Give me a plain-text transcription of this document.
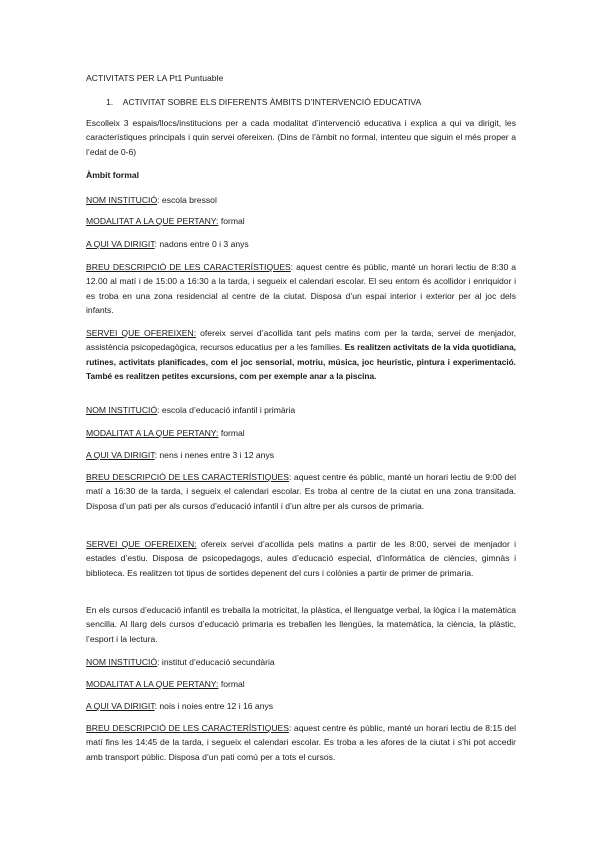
ACTIVITATS PER LA Pt1 Puntuable

1. ACTIVITAT SOBRE ELS DIFERENTS ÀMBITS D’INTERVENCIÓ EDUCATIVA

Escolleix 3 espais/llocs/institucions per a cada modalitat d’intervenció educativa i explica a qui va dirigit, les característiques principals i quin servei ofereixen. (Dins de l’àmbit no formal, intenteu que siguin el més proper a l’edat de 0-6)

Àmbit formal

NOM INSTITUCIÓ: escola bressol

MODALITAT A LA QUE PERTANY: formal

A QUI VA DIRIGIT: nadons entre 0 i 3 anys

BREU DESCRIPCIÓ DE LES CARACTERÍSTIQUES: aquest centre és públic, manté un horari lectiu de 8:30 a 12.00 al matí i de 15:00 a 16:30 a la tarda, i segueix el calendari escolar. El seu entorn és acollidor i enriquidor i es troba en una zona residencial al centre de la ciutat. Disposa d’un espai interior i exterior per al joc dels infants.

SERVEI QUE OFEREIXEN: ofereix servei d’acollida tant pels matins com per la tarda, servei de menjador, assistència psicopedagògica, recursos educatius per a les famílies. Es realitzen activitats de la vida quotidiana, rutines, activitats planificades, com el joc sensorial, motriu, música, joc heurístic, pintura i experimentació. També es realitzen petites excursions, com per exemple anar a la piscina.

NOM INSTITUCIÓ: escola d’educació infantil i primària

MODALITAT A LA QUE PERTANY: formal

A QUI VA DIRIGIT: nens i nenes entre 3 i 12 anys

BREU DESCRIPCIÓ DE LES CARACTERÍSTIQUES: aquest centre és públic, manté un horari lectiu de 9:00 del matí a 16:30 de la tarda, i segueix el calendari escolar. Es troba al centre de la ciutat en una zona transitada. Disposa d’un pati per als cursos d’educació infantil i d’un altre per als cursos de primaria.

SERVEI QUE OFEREIXEN: ofereix servei d’acollida pels matins a partir de les 8:00, servei de menjador i estades d’estiu. Disposa de psicopedagogs, aules d’educació especial, d’informàtica de ciències, gimnàs i biblioteca. Es realitzen tot tipus de sortides depenent del curs i colònies a partir de primer de primaria.

En els cursos d’educació infantil es treballa la motricitat, la plàstica, el llenguatge verbal, la lògica i la matemàtica sencilla. Al llarg dels cursos d’educació primaria es treballen les llengües, la matemàtica, la ciència, la plàstic, l’esport i la lectura.

NOM INSTITUCIÓ: institut d’educació secundària

MODALITAT A LA QUE PERTANY: formal

A QUI VA DIRIGIT: nois i noies entre 12 i 16 anys

BREU DESCRIPCIÓ DE LES CARACTERÍSTIQUES: aquest centre és públic, manté un horari lectiu de 8:15 del matí fins les 14:45 de la tarda, i segueix el calendari escolar. Es troba a les afores de la ciutat i s’hi pot accedir amb transport públic. Disposa d’un pati comú per a tots el cursos.
